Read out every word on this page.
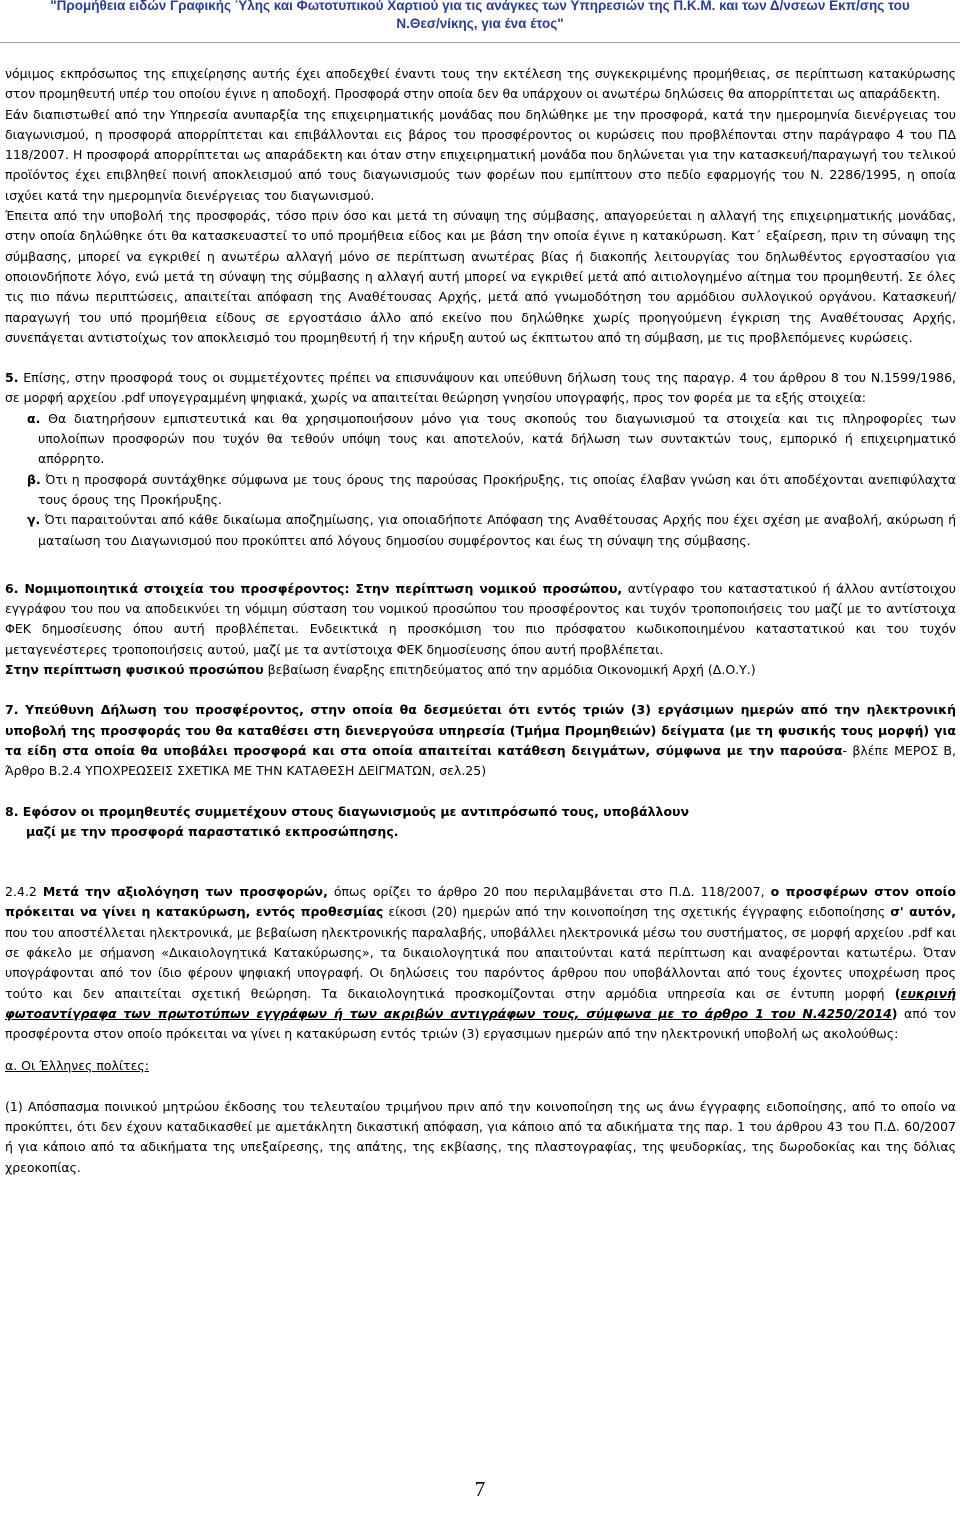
"Προμήθεια ειδών Γραφικής Ύλης και Φωτοτυπικού Χαρτιού για τις ανάγκες των Υπηρεσιών της Π.Κ.Μ. και των Δ/νσεων Εκπ/σης του
Ν.Θεσ/νίκης, για ένα έτος"

νόμιμος εκπρόσωπος της επιχείρησης αυτής έχει αποδεχθεί έναντι τους την εκτέλεση της συγκεκριμένης προμήθειας, σε περίπτωση κατακύρωσης στον προμηθευτή υπέρ του οποίου έγινε η αποδοχή. Προσφορά στην οποία δεν θα υπάρχουν οι ανωτέρω δηλώσεις θα απορρίπτεται ως απαράδεκτη.

Εάν διαπιστωθεί από την Υπηρεσία ανυπαρξία της επιχειρηματικής μονάδας που δηλώθηκε με την προσφορά, κατά την ημερομηνία διενέργειας του διαγωνισμού, η προσφορά απορρίπτεται και επιβάλλονται εις βάρος του προσφέροντος οι κυρώσεις που προβλέπονται στην παράγραφο 4 του ΠΔ 118/2007. Η προσφορά απορρίπτεται ως απαράδεκτη και όταν στην επιχειρηματική μονάδα που δηλώνεται για την κατασκευή/παραγωγή του τελικού προϊόντος έχει επιβληθεί ποινή αποκλεισμού από τους διαγωνισμούς των φορέων που εμπίπτουν στο πεδίο εφαρμογής του Ν. 2286/1995, η οποία ισχύει κατά την ημερομηνία διενέργειας του διαγωνισμού.

Έπειτα από την υποβολή της προσφοράς, τόσο πριν όσο και μετά τη σύναψη της σύμβασης, απαγορεύεται η αλλαγή της επιχειρηματικής μονάδας, στην οποία δηλώθηκε ότι θα κατασκευαστεί το υπό προμήθεια είδος και με βάση την οποία έγινε η κατακύρωση. Κατ΄ εξαίρεση, πριν τη σύναψη της σύμβασης, μπορεί να εγκριθεί η ανωτέρω αλλαγή μόνο σε περίπτωση ανωτέρας βίας ή διακοπής λειτουργίας του δηλωθέντος εργοστασίου για οποιονδήποτε λόγο, ενώ μετά τη σύναψη της σύμβασης η αλλαγή αυτή μπορεί να εγκριθεί μετά από αιτιολογημένο αίτημα του προμηθευτή. Σε όλες τις πιο πάνω περιπτώσεις, απαιτείται απόφαση της Αναθέτουσας Αρχής, μετά από γνωμοδότηση του αρμόδιου συλλογικού οργάνου. Κατασκευή/παραγωγή του υπό προμήθεια είδους σε εργοστάσιο άλλο από εκείνο που δηλώθηκε χωρίς προηγούμενη έγκριση της Αναθέτουσας Αρχής, συνεπάγεται αντιστοίχως τον αποκλεισμό του προμηθευτή ή την κήρυξη αυτού ως έκπτωτου από τη σύμβαση, με τις προβλεπόμενες κυρώσεις.

5. Επίσης, στην προσφορά τους οι συμμετέχοντες πρέπει να επισυνάψουν και υπεύθυνη δήλωση τους της παραγρ. 4 του άρθρου 8 του Ν.1599/1986, σε μορφή αρχείου .pdf υπογεγραμμένη ψηφιακά, χωρίς να απαιτείται θεώρηση γνησίου υπογραφής, προς τον φορέα με τα εξής στοιχεία:

α. Θα διατηρήσουν εμπιστευτικά και θα χρησιμοποιήσουν μόνο για τους σκοπούς του διαγωνισμού τα στοιχεία και τις πληροφορίες των υπολοίπων προσφορών που τυχόν θα τεθούν υπόψη τους και αποτελούν, κατά δήλωση των συντακτών τους, εμπορικό ή επιχειρηματικό απόρρητο.

β. Ότι η προσφορά συντάχθηκε σύμφωνα με τους όρους της παρούσας Προκήρυξης, τις οποίας έλαβαν γνώση και ότι αποδέχονται ανεπιφύλαχτα τους όρους της Προκήρυξης.

γ. Ότι παραιτούνται από κάθε δικαίωμα αποζημίωσης, για οποιαδήποτε Απόφαση της Αναθέτουσας Αρχής που έχει σχέση με αναβολή, ακύρωση ή ματαίωση του Διαγωνισμού που προκύπτει από λόγους δημοσίου συμφέροντος και έως τη σύναψη της σύμβασης.

6. Νομιμοποιητικά στοιχεία του προσφέροντος: Στην περίπτωση νομικού προσώπου, αντίγραφο του καταστατικού ή άλλου αντίστοιχου εγγράφου του που να αποδεικνύει τη νόμιμη σύσταση του νομικού προσώπου του προσφέροντος και τυχόν τροποποιήσεις του μαζί με το αντίστοιχα ΦΕΚ δημοσίευσης όπου αυτή προβλέπεται. Ενδεικτικά η προσκόμιση του πιο πρόσφατου κωδικοποιημένου καταστατικού και του τυχόν μεταγενέστερες τροποποιήσεις αυτού, μαζί με τα αντίστοιχα ΦΕΚ δημοσίευσης όπου αυτή προβλέπεται.

Στην περίπτωση φυσικού προσώπου βεβαίωση έναρξης επιτηδεύματος από την αρμόδια Οικονομική Αρχή (Δ.Ο.Υ.)

7. Υπεύθυνη Δήλωση του προσφέροντος, στην οποία θα δεσμεύεται ότι εντός τριών (3) εργάσιμων ημερών από την ηλεκτρονική υποβολή της προσφοράς του θα καταθέσει στη διενεργούσα υπηρεσία (Τμήμα Προμηθειών) δείγματα (με τη φυσικής τους μορφή) για τα είδη στα οποία θα υποβάλει προσφορά και στα οποία απαιτείται κατάθεση δειγμάτων, σύμφωνα με την παρούσα- βλέπε ΜΕΡΟΣ Β, Άρθρο Β.2.4 ΥΠΟΧΡΕΩΣΕΙΣ ΣΧΕΤΙΚΑ ΜΕ ΤΗΝ ΚΑΤΑΘΕΣΗ ΔΕΙΓΜΑΤΩΝ, σελ.25)

8. Εφόσον οι προμηθευτές συμμετέχουν στους διαγωνισμούς με αντιπρόσωπό τους, υποβάλλουν
μαζί με την προσφορά παραστατικό εκπροσώπησης.

2.4.2 Μετά την αξιολόγηση των προσφορών, όπως ορίζει το άρθρο 20 που περιλαμβάνεται στο Π.Δ. 118/2007, ο προσφέρων στον οποίο πρόκειται να γίνει η κατακύρωση, εντός προθεσμίας είκοσι (20) ημερών από την κοινοποίηση της σχετικής έγγραφης ειδοποίησης σ' αυτόν, που του αποστέλλεται ηλεκτρονικά, με βεβαίωση ηλεκτρονικής παραλαβής, υποβάλλει ηλεκτρονικά μέσω του συστήματος, σε μορφή αρχείου .pdf και σε φάκελο με σήμανση «Δικαιολογητικά Κατακύρωσης», τα δικαιολογητικά που απαιτούνται κατά περίπτωση και αναφέρονται κατωτέρω. Όταν υπογράφονται από τον ίδιο φέρουν ψηφιακή υπογραφή. Οι δηλώσεις του παρόντος άρθρου που υποβάλλονται από τους έχοντες υποχρέωση προς τούτο και δεν απαιτείται σχετική θεώρηση. Τα δικαιολογητικά προσκομίζονται στην αρμόδια υπηρεσία και σε έντυπη μορφή (ευκρινή φωτοαντίγραφα των πρωτοτύπων εγγράφων ή των ακριβών αντιγράφων τους, σύμφωνα με το άρθρο 1 του Ν.4250/2014) από τον προσφέροντα στον οποίο πρόκειται να γίνει η κατακύρωση εντός τριών (3) εργασιμων ημερών από την ηλεκτρονική υποβολή ως ακολούθως:

α. Οι Έλληνες πολίτες:

(1) Απόσπασμα ποινικού μητρώου έκδοσης του τελευταίου τριμήνου πριν από την κοινοποίηση της ως άνω έγγραφης ειδοποίησης, από το οποίο να προκύπτει, ότι δεν έχουν καταδικασθεί με αμετάκλητη δικαστική απόφαση, για κάποιο από τα αδικήματα της παρ. 1 του άρθρου 43 του Π.Δ. 60/2007 ή για κάποιο από τα αδικήματα της υπεξαίρεσης, της απάτης, της εκβίασης, της πλαστογραφίας, της ψευδορκίας, της δωροδοκίας και της δόλιας χρεοκοπίας.

7
